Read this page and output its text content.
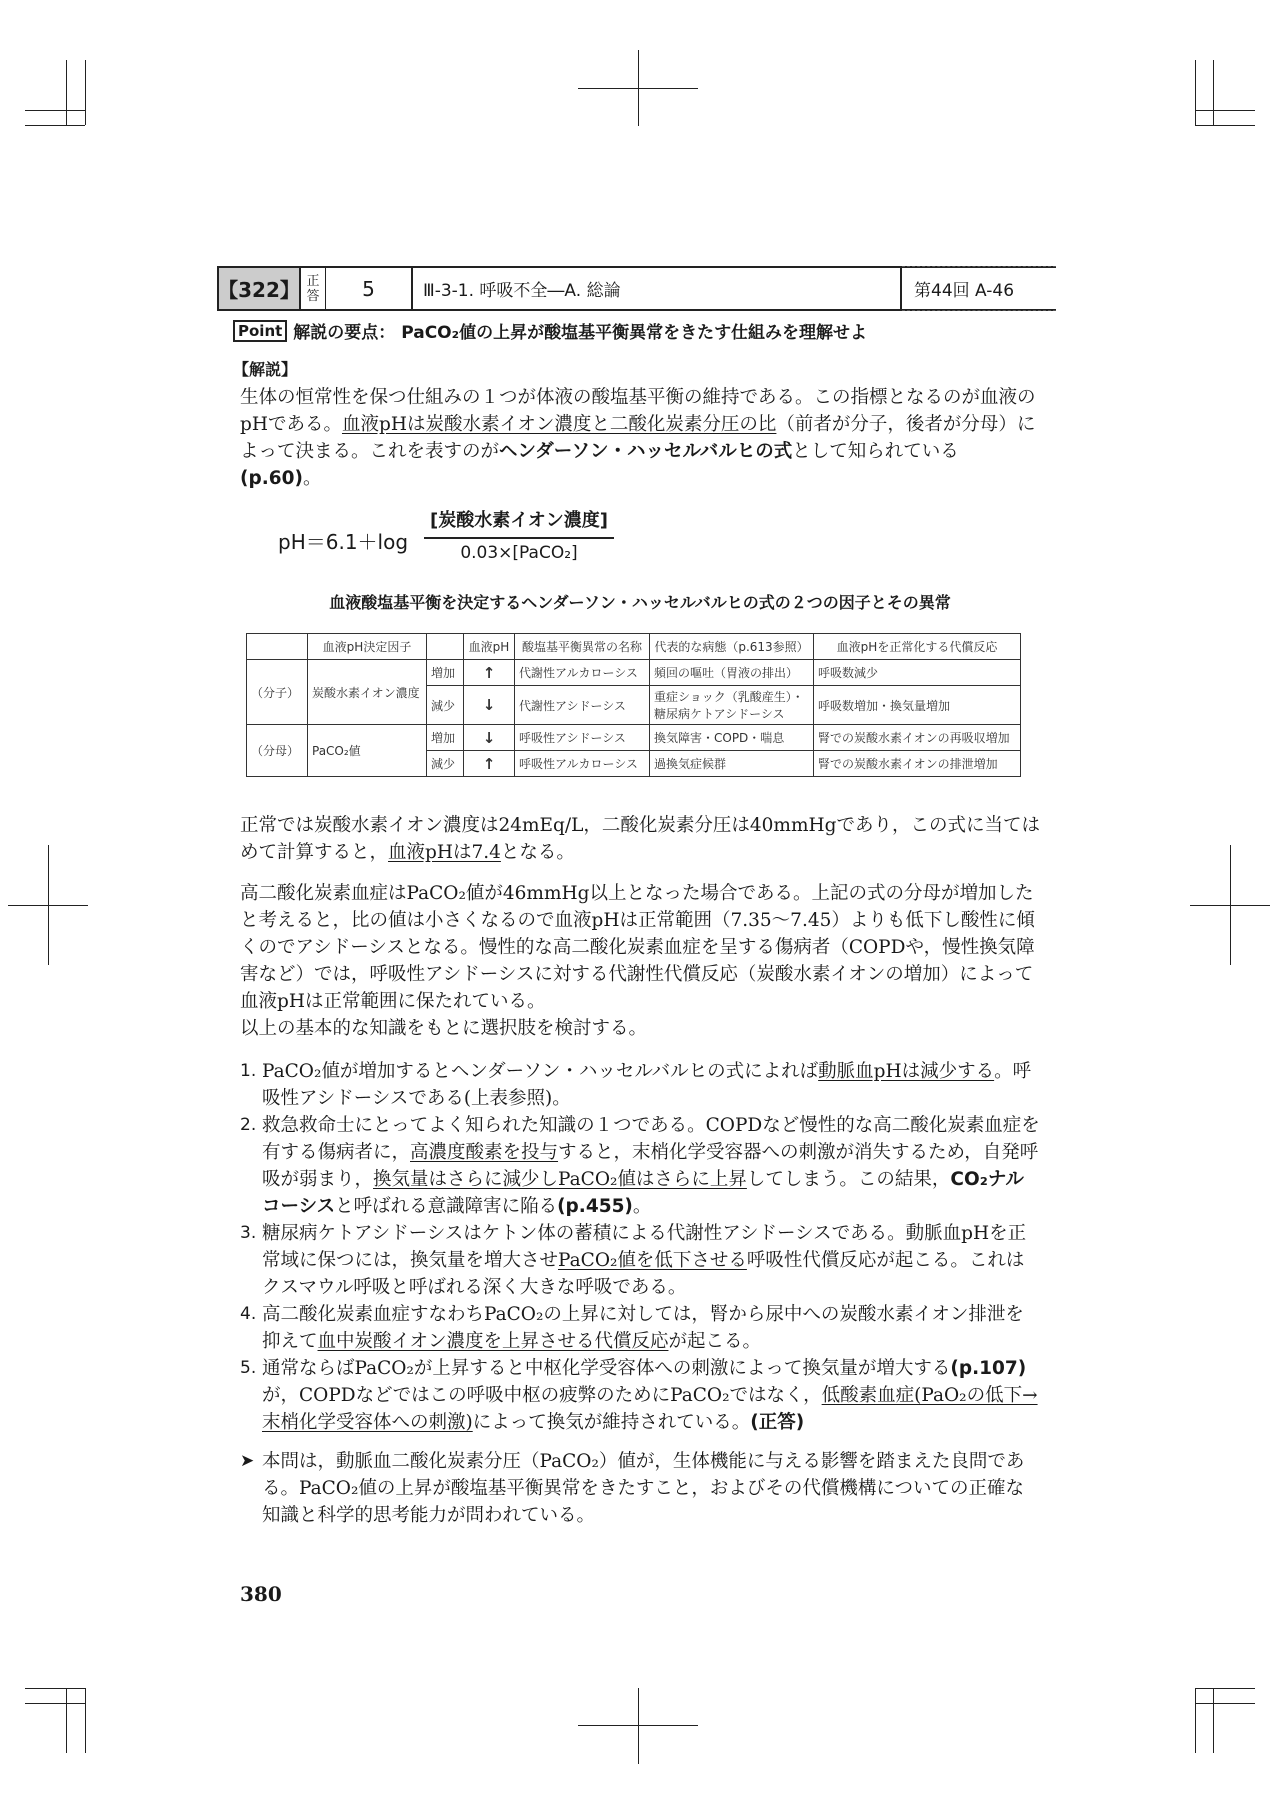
【322】 正
答	5	Ⅲ-3-1. 呼吸不全―A. 総論	第44回 A-46
Point 解説の要点： PaCO₂値の上昇が酸塩基平衡異常をきたす仕組みを理解せよ
【解説】
生体の恒常性を保つ仕組みの１つが体液の酸塩基平衡の維持である。この指標となるのが血液のpHである。血液pHは炭酸水素イオン濃度と二酸化炭素分圧の比（前者が分子，後者が分母）によって決まる。これを表すのがヘンダーソン・ハッセルバルヒの式として知られている(p.60)。
pH＝6.1＋log
[炭酸水素イオン濃度]
0.03×[PaCO₂]
血液酸塩基平衡を決定するヘンダーソン・ハッセルバルヒの式の２つの因子とその異常
	血液pH決定因子		血液pH	酸塩基平衡異常の名称	代表的な病態（p.613参照）	血液pHを正常化する代償反応
（分子）	炭酸水素イオン濃度	増加	↑	代謝性アルカローシス	頻回の嘔吐（胃液の排出）	呼吸数減少
		減少	↓	代謝性アシドーシス	重症ショック（乳酸産生）・糖尿病ケトアシドーシス	呼吸数増加・換気量増加
（分母）	PaCO₂値	増加	↓	呼吸性アシドーシス	換気障害・COPD・喘息	腎での炭酸水素イオンの再吸収増加
		減少	↑	呼吸性アルカローシス	過換気症候群	腎での炭酸水素イオンの排泄増加
正常では炭酸水素イオン濃度は24mEq/L，二酸化炭素分圧は40mmHgであり，この式に当てはめて計算すると，血液pHは7.4となる。
高二酸化炭素血症はPaCO₂値が46mmHg以上となった場合である。上記の式の分母が増加したと考えると，比の値は小さくなるので血液pHは正常範囲（7.35～7.45）よりも低下し酸性に傾くのでアシドーシスとなる。慢性的な高二酸化炭素血症を呈する傷病者（COPDや，慢性換気障害など）では，呼吸性アシドーシスに対する代謝性代償反応（炭酸水素イオンの増加）によって血液pHは正常範囲に保たれている。
以上の基本的な知識をもとに選択肢を検討する。
1. PaCO₂値が増加するとヘンダーソン・ハッセルバルヒの式によれば動脈血pHは減少する。呼吸性アシドーシスである(上表参照)。
2. 救急救命士にとってよく知られた知識の１つである。COPDなど慢性的な高二酸化炭素血症を有する傷病者に，高濃度酸素を投与すると，末梢化学受容器への刺激が消失するため，自発呼吸が弱まり，換気量はさらに減少しPaCO₂値はさらに上昇してしまう。この結果，CO₂ナルコーシスと呼ばれる意識障害に陥る(p.455)。
3. 糖尿病ケトアシドーシスはケトン体の蓄積による代謝性アシドーシスである。動脈血pHを正常域に保つには，換気量を増大させPaCO₂値を低下させる呼吸性代償反応が起こる。これはクスマウル呼吸と呼ばれる深く大きな呼吸である。
4. 高二酸化炭素血症すなわちPaCO₂の上昇に対しては，腎から尿中への炭酸水素イオン排泄を抑えて血中炭酸イオン濃度を上昇させる代償反応が起こる。
5. 通常ならばPaCO₂が上昇すると中枢化学受容体への刺激によって換気量が増大する(p.107)が，COPDなどではこの呼吸中枢の疲弊のためにPaCO₂ではなく，低酸素血症(PaO₂の低下→末梢化学受容体への刺激)によって換気が維持されている。(正答)
➤ 本問は，動脈血二酸化炭素分圧（PaCO₂）値が，生体機能に与える影響を踏まえた良問である。PaCO₂値の上昇が酸塩基平衡異常をきたすこと，およびその代償機構についての正確な知識と科学的思考能力が問われている。
380
